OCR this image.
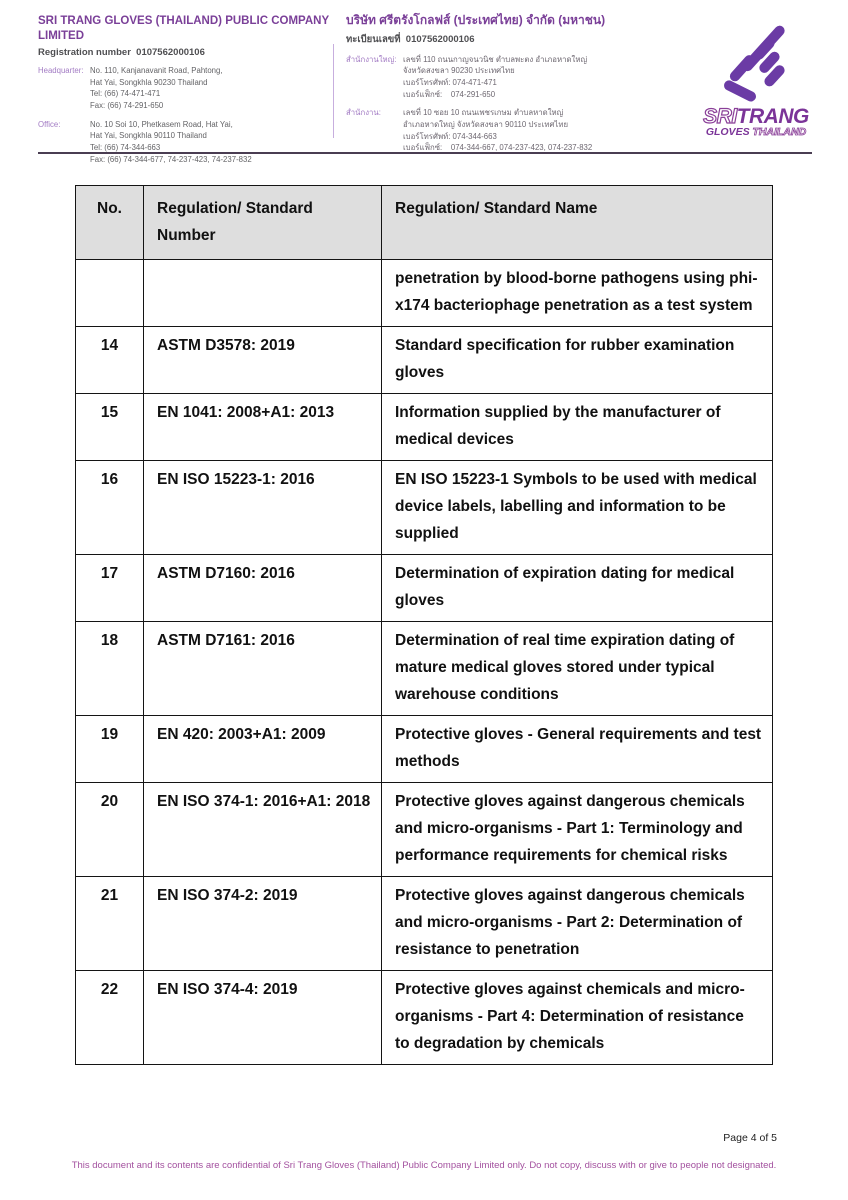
SRI TRANG GLOVES (THAILAND) PUBLIC COMPANY LIMITED
Registration number  0107562000106
Headquarter: No. 110, Kanjanavanit Road, Pahtong,
Hat Yai, Songkhla 90230 Thailand
Tel: (66) 74-471-471
Fax: (66) 74-291-650
Office:	No. 10 Soi 10, Phetkasem Road, Hat Yai,
Hat Yai, Songkhla 90110 Thailand
Tel: (66) 74-344-663
Fax: (66) 74-344-677, 74-237-423, 74-237-832
บริษัท ศรีตรังโกลฟส์ (ประเทศไทย) จำกัด (มหาชน)
ทะเบียนเลขที่  0107562000106
สำนักงานใหญ่: เลขที่ 110 ถนนกาญจนวนิช ตำบลพะตง อำเภอหาดใหญ่
จังหวัดสงขลา 90230 ประเทศไทย
เบอร์โทรศัพท์: 074-471-471
เบอร์แฟ็กซ์:    074-291-650
สำนักงาน:	เลขที่ 10 ซอย 10 ถนนเพชรเกษม ตำบลหาดใหญ่
อำเภอหาดใหญ่ จังหวัดสงขลา 90110 ประเทศไทย
เบอร์โทรศัพท์: 074-344-663
เบอร์แฟ็กซ์:    074-344-667, 074-237-423, 074-237-832
SRITRANG
GLOVES THAILAND
No.	Regulation/ Standard Number	Regulation/ Standard Name
		penetration by blood-borne pathogens using phi-x174 bacteriophage penetration as a test system
14	ASTM D3578: 2019	Standard specification for rubber examination gloves
15	EN 1041: 2008+A1: 2013	Information supplied by the manufacturer of medical devices
16	EN ISO 15223-1: 2016	EN ISO 15223-1 Symbols to be used with medical device labels, labelling and information to be supplied
17	ASTM D7160: 2016	Determination of expiration dating for medical gloves
18	ASTM D7161: 2016	Determination of real time expiration dating of mature medical gloves stored under typical warehouse conditions
19	EN 420: 2003+A1: 2009	Protective gloves - General requirements and test  methods
20	EN ISO 374-1: 2016+A1: 2018	Protective gloves against dangerous chemicals and micro-organisms - Part 1: Terminology and performance requirements for chemical risks
21	EN ISO 374-2: 2019	Protective gloves against dangerous chemicals and micro-organisms - Part 2: Determination of resistance to penetration
22	EN ISO 374-4: 2019	Protective gloves against chemicals and micro-organisms - Part 4: Determination of resistance to degradation by chemicals
Page 4 of 5
This document and its contents are confidential of Sri Trang Gloves (Thailand) Public Company Limited only. Do not copy, discuss with or give to people not designated.
